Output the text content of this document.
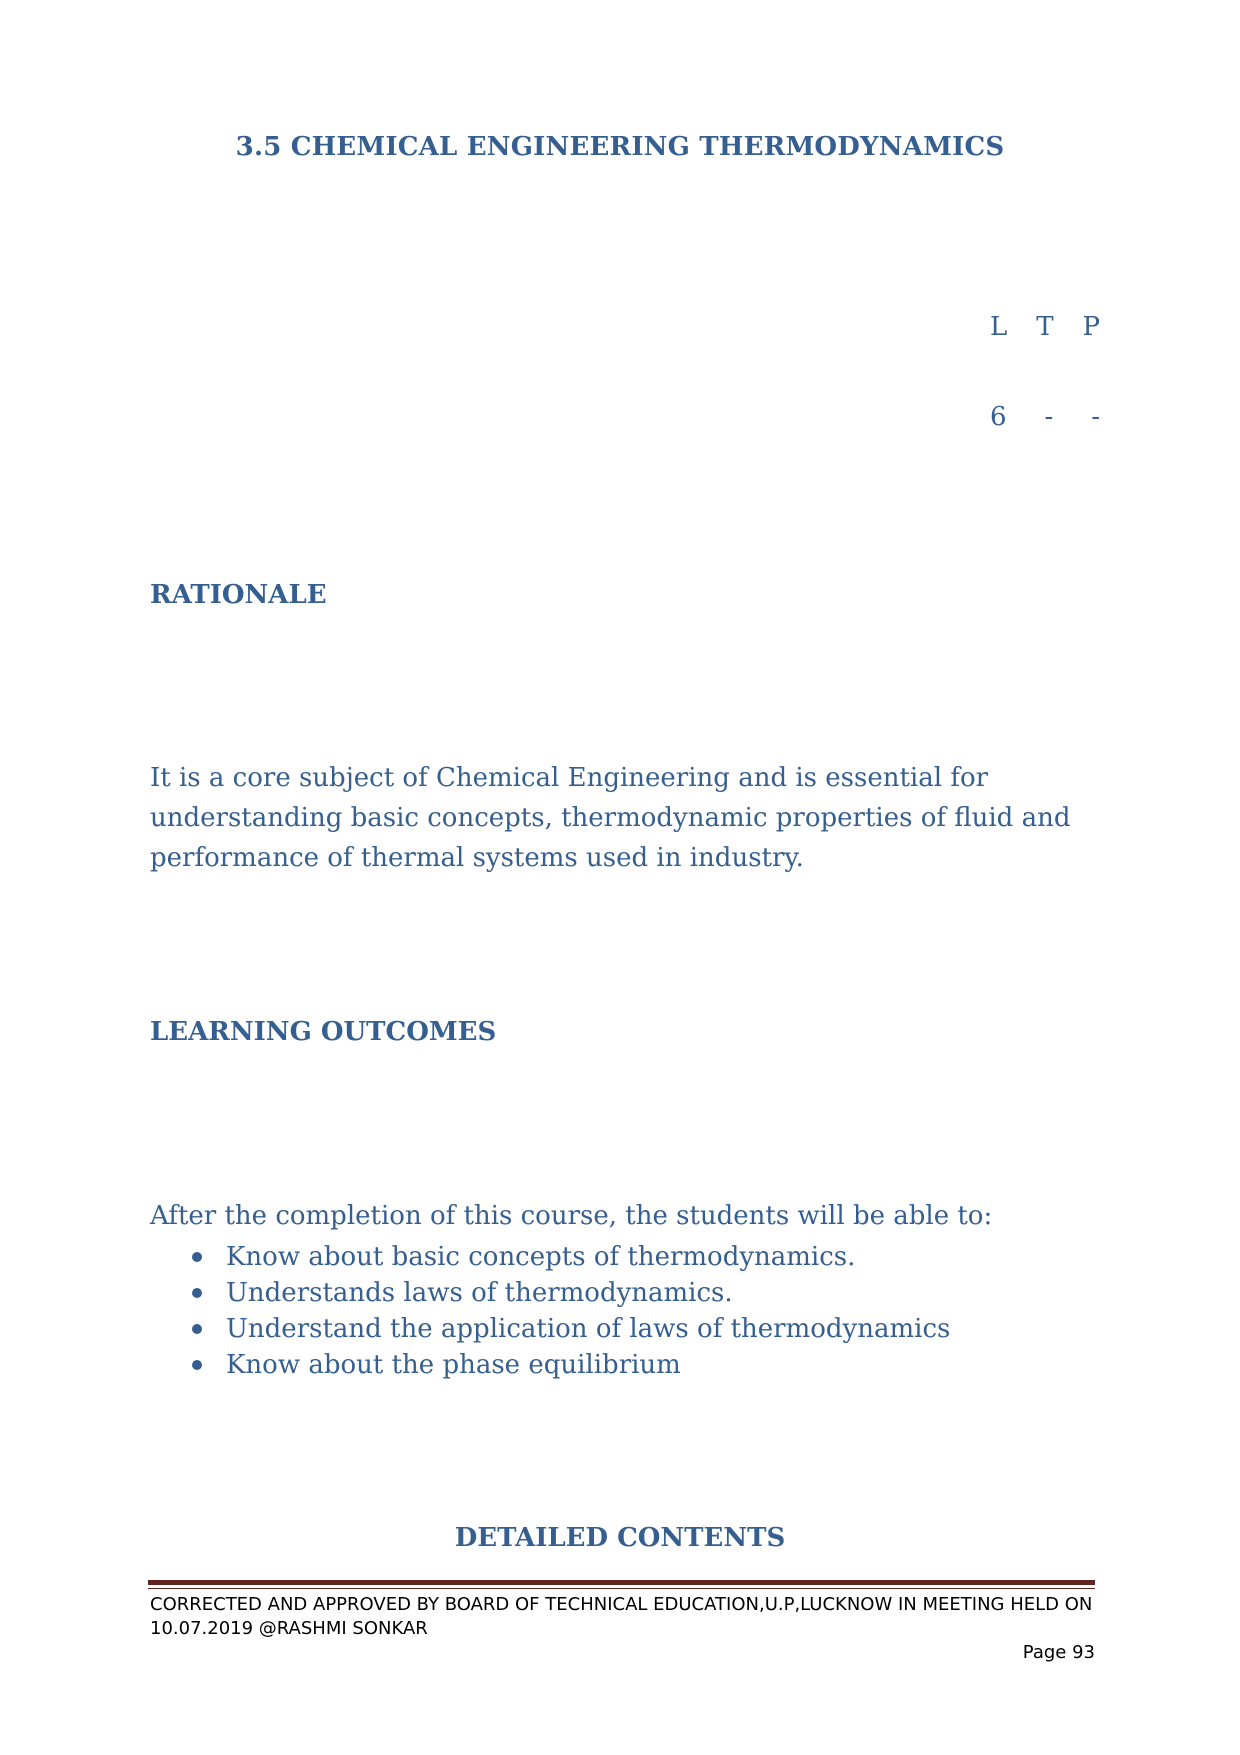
3.5 CHEMICAL ENGINEERING THERMODYNAMICS
L T P
6 - -
RATIONALE
It is a core subject of Chemical Engineering and is essential for understanding basic concepts, thermodynamic properties of fluid and performance of thermal systems used in industry.
LEARNING OUTCOMES
After the completion of this course, the students will be able to:
Know about basic concepts of thermodynamics.
Understands laws of thermodynamics.
Understand the application of laws of thermodynamics
Know about the phase equilibrium
DETAILED CONTENTS
CORRECTED AND APPROVED BY BOARD OF TECHNICAL EDUCATION,U.P,LUCKNOW IN MEETING HELD ON 10.07.2019 @RASHMI SONKAR
Page 93
